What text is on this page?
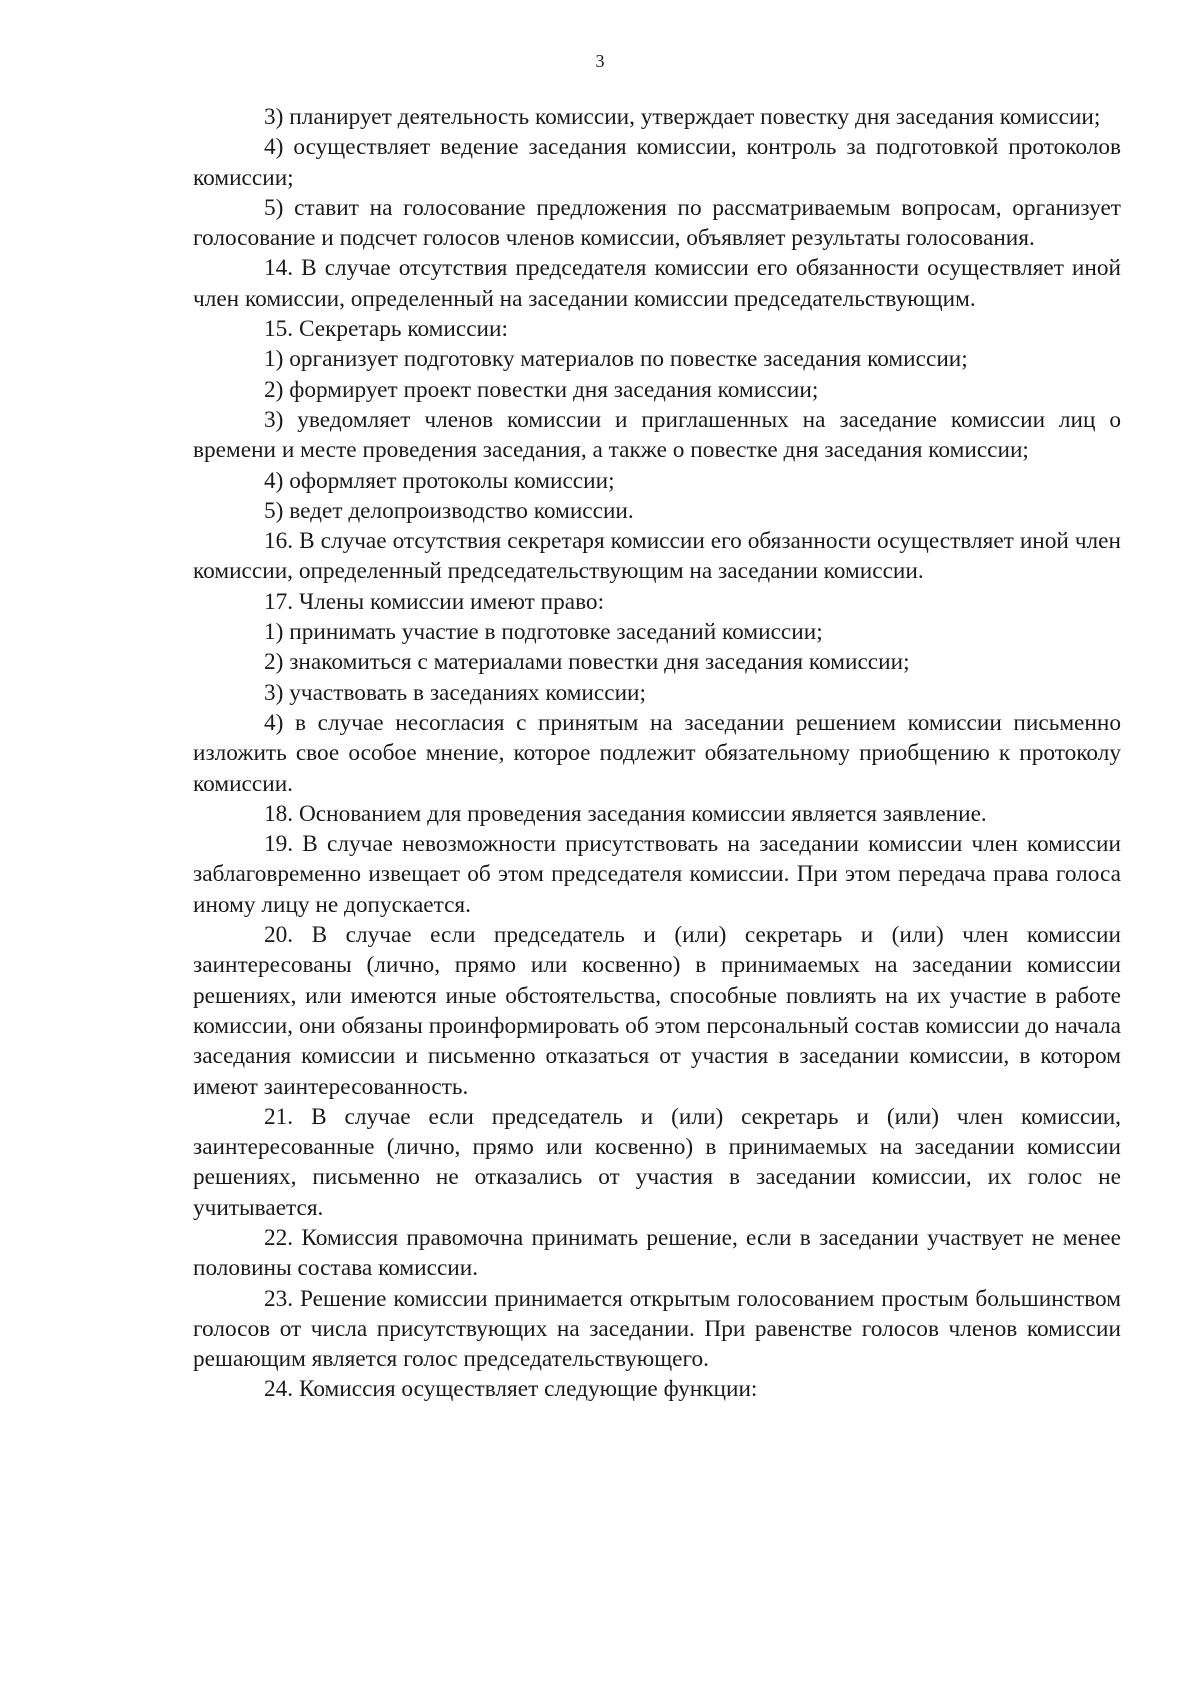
3

3) планирует деятельность комиссии, утверждает повестку дня заседания комиссии;

4) осуществляет ведение заседания комиссии, контроль за подготовкой протоколов комиссии;

5) ставит на голосование предложения по рассматриваемым вопросам, организует голосование и подсчет голосов членов комиссии, объявляет результаты голосования.

14. В случае отсутствия председателя комиссии его обязанности осуществляет иной член комиссии, определенный на заседании комиссии председательствующим.

15. Секретарь комиссии:

1) организует подготовку материалов по повестке заседания комиссии;

2) формирует проект повестки дня заседания комиссии;

3) уведомляет членов комиссии и приглашенных на заседание комиссии лиц о времени и месте проведения заседания, а также о повестке дня заседания комиссии;

4) оформляет протоколы комиссии;

5) ведет делопроизводство комиссии.

16. В случае отсутствия секретаря комиссии его обязанности осуществляет иной член комиссии, определенный председательствующим на заседании комиссии.

17. Члены комиссии имеют право:

1) принимать участие в подготовке заседаний комиссии;

2) знакомиться с материалами повестки дня заседания комиссии;

3) участвовать в заседаниях комиссии;

4) в случае несогласия с принятым на заседании решением комиссии письменно изложить свое особое мнение, которое подлежит обязательному приобщению к протоколу комиссии.

18. Основанием для проведения заседания комиссии является заявление.

19. В случае невозможности присутствовать на заседании комиссии член комиссии заблаговременно извещает об этом председателя комиссии. При этом передача права голоса иному лицу не допускается.

20. В случае если председатель и (или) секретарь и (или) член комиссии заинтересованы (лично, прямо или косвенно) в принимаемых на заседании комиссии решениях, или имеются иные обстоятельства, способные повлиять на их участие в работе комиссии, они обязаны проинформировать об этом персональный состав комиссии до начала заседания комиссии и письменно отказаться от участия в заседании комиссии, в котором имеют заинтересованность.

21. В случае если председатель и (или) секретарь и (или) член комиссии, заинтересованные (лично, прямо или косвенно) в принимаемых на заседании комиссии решениях, письменно не отказались от участия в заседании комиссии, их голос не учитывается.

22. Комиссия правомочна принимать решение, если в заседании участвует не менее половины состава комиссии.

23. Решение комиссии принимается открытым голосованием простым большинством голосов от числа присутствующих на заседании. При равенстве голосов членов комиссии решающим является голос председательствующего.

24. Комиссия осуществляет следующие функции:
